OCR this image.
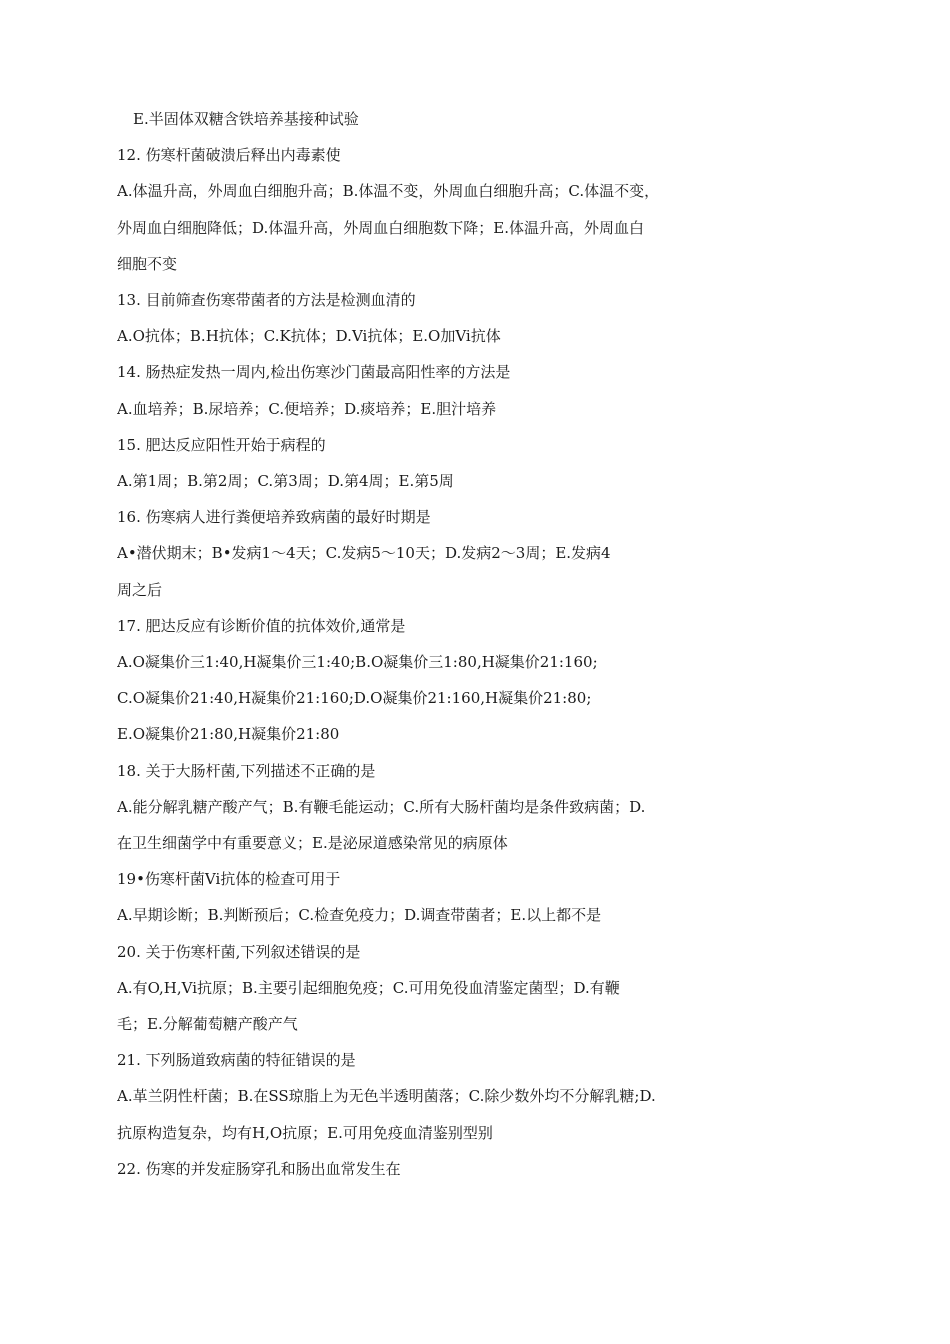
E.半固体双糖含铁培养基接种试验
12. 伤寒杆菌破溃后释出内毒素使
A.体温升高，外周血白细胞升高；B.体温不变，外周血白细胞升高；C.体温不变，
外周血白细胞降低；D.体温升高，外周血白细胞数下降；E.体温升高，外周血白
细胞不变
13. 目前筛查伤寒带菌者的方法是检测血清的
A.O抗体；B.H抗体；C.K抗体；D.Vi抗体；E.O加Vi抗体
14. 肠热症发热一周内,检出伤寒沙门菌最高阳性率的方法是
A.血培养；B.尿培养；C.便培养；D.痰培养；E.胆汁培养
15. 肥达反应阳性开始于病程的
A.第1周；B.第2周；C.第3周；D.第4周；E.第5周
16. 伤寒病人进行粪便培养致病菌的最好时期是
A•潜伏期末；B•发病1〜4天；C.发病5〜10天；D.发病2〜3周；E.发病4
周之后
17. 肥达反应有诊断价值的抗体效价,通常是
A.O凝集价三1:40,H凝集价三1:40;B.O凝集价三1:80,H凝集价21:160;
C.O凝集价21:40,H凝集价21:160;D.O凝集价21:160,H凝集价21:80;
E.O凝集价21:80,H凝集价21:80
18. 关于大肠杆菌,下列描述不正确的是
A.能分解乳糖产酸产气；B.有鞭毛能运动；C.所有大肠杆菌均是条件致病菌；D.
在卫生细菌学中有重要意义；E.是泌尿道感染常见的病原体
19•伤寒杆菌Vi抗体的检查可用于
A.早期诊断；B.判断预后；C.检查免疫力；D.调查带菌者；E.以上都不是
20. 关于伤寒杆菌,下列叙述错误的是
A.有O,H,Vi抗原；B.主要引起细胞免疫；C.可用免役血清鉴定菌型；D.有鞭
毛；E.分解葡萄糖产酸产气
21. 下列肠道致病菌的特征错误的是
A.革兰阴性杆菌；B.在SS琼脂上为无色半透明菌落；C.除少数外均不分解乳糖;D.
抗原构造复杂，均有H,O抗原；E.可用免疫血清鉴别型别
22. 伤寒的并发症肠穿孔和肠出血常发生在
